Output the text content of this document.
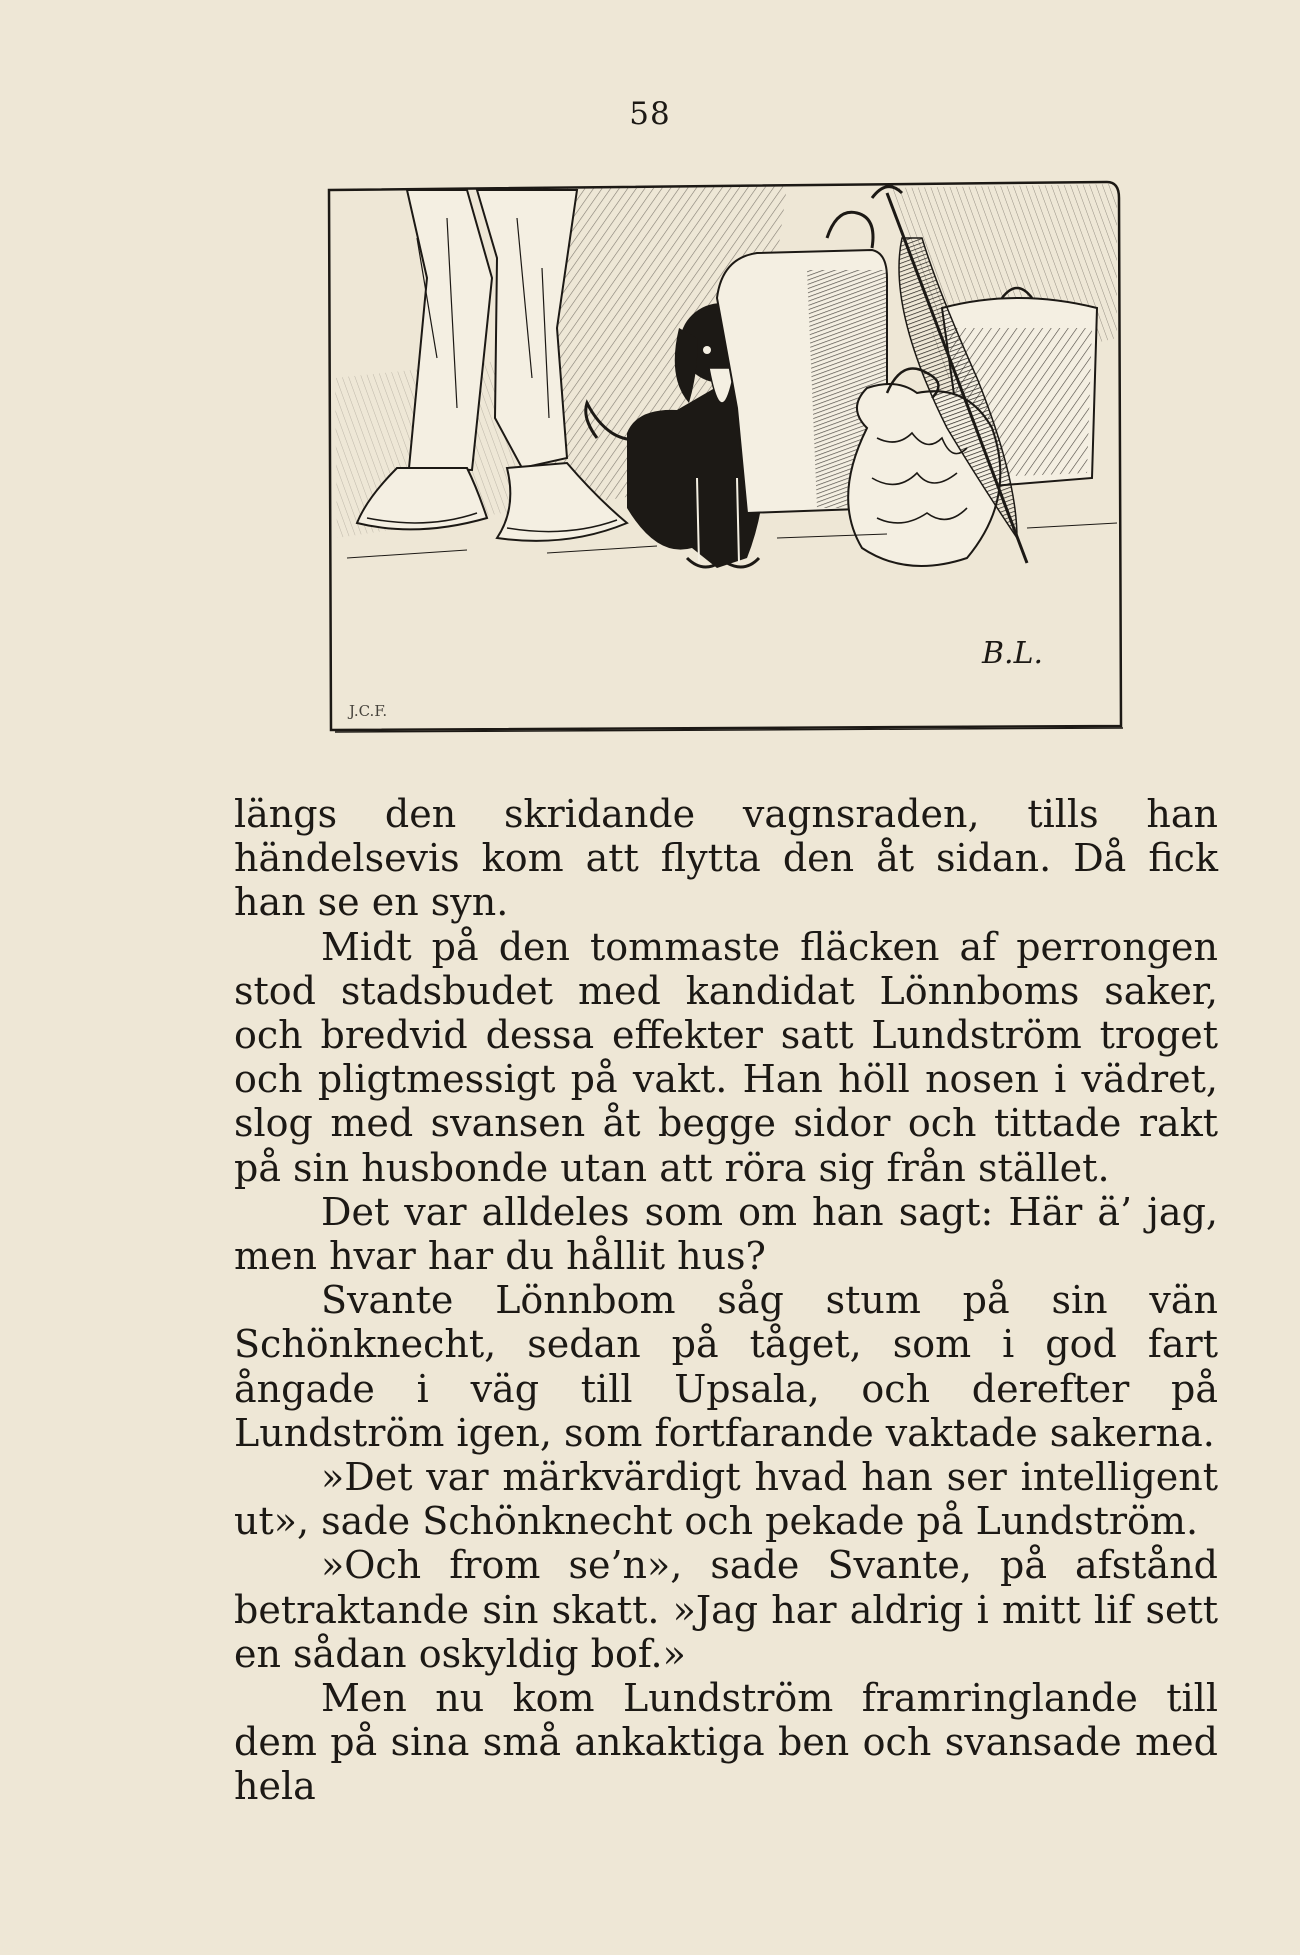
58
B.L.
J.C.F.

längs den skridande vagnsraden, tills han händelsevis kom att flytta den åt sidan. Då fick han se en syn.

Midt på den tommaste fläcken af perrongen stod stadsbudet med kandidat Lönnboms saker, och bredvid dessa effekter satt Lundström troget och pligtmessigt på vakt. Han höll nosen i vädret, slog med svansen åt begge sidor och tittade rakt på sin husbonde utan att röra sig från stället.

Det var alldeles som om han sagt: Här ä’ jag, men hvar har du hållit hus?

Svante Lönnbom såg stum på sin vän Schönknecht, sedan på tåget, som i god fart ångade i väg till Upsala, och derefter på Lundström igen, som fortfarande vaktade sakerna.

»Det var märkvärdigt hvad han ser intelligent ut», sade Schönknecht och pekade på Lundström.

»Och from se’n», sade Svante, på afstånd betraktande sin skatt. »Jag har aldrig i mitt lif sett en sådan oskyldig bof.»

Men nu kom Lundström framringlande till dem på sina små ankaktiga ben och svansade med hela
